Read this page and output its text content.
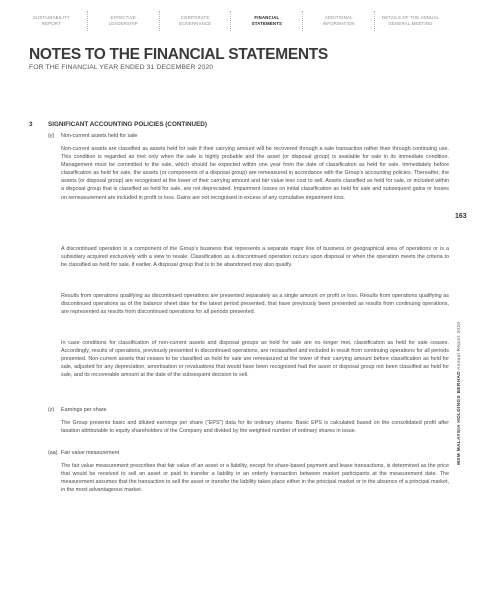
SUSTAINABILITY
REPORT
EFFECTIVE
LEADERSHIP
CORPORATE
GOVERNANCE
FINANCIAL
STATEMENTS
ADDITIONAL
INFORMATION
DETAILS OF THE ANNUAL
GENERAL MEETING
NOTES TO THE FINANCIAL STATEMENTS

FOR THE FINANCIAL YEAR ENDED 31 DECEMBER 2020

3 SIGNIFICANT ACCOUNTING POLICIES (CONTINUED)
(y) Non-current assets held for sale

Non-current assets are classified as assets held for sale if their carrying amount will be recovered through a sale transaction rather than through continuing use. This condition is regarded as met only when the sale is highly probable and the asset (or disposal group) is available for sale in its immediate condition. Management must be committed to the sale, which should be expected within one year from the date of classification as held for sale. Immediately before classification as held for sale, the assets (or components of a disposal group) are remeasured in accordance with the Group’s accounting policies. Thereafter, the assets (or disposal group) are recognised at the lower of their carrying amount and fair value less cost to sell. Assets classified as held for sale, or included within a disposal group that is classified as held for sale, are not depreciated. Impairment losses on initial classification as held for sale and subsequent gains or losses on remeasurement are included in profit or loss. Gains are not recognised in excess of any cumulative impairment loss.

A discontinued operation is a component of the Group’s business that represents a separate major line of business or geographical area of operations or is a subsidiary acquired exclusively with a view to resale. Classification as a discontinued operation occurs upon disposal or when the operation meets the criteria to be classified as held for sale, if earlier. A disposal group that is to be abandoned may also qualify.

Results from operations qualifying as discontinued operations are presented separately as a single amount on profit or loss. Results from operations qualifying as discontinued operations as of the balance sheet date for the latest period presented, that have previously been presented as results from continuing operations, are represented as results from discontinued operations for all periods presented.

In case conditions for classification of non-current assets and disposal groups as held for sale are no longer met, classification as held for sale ceases. Accordingly, results of operations, previously presented in discontinued operations, are reclassified and included in result from continuing operations for all periods presented. Non-current assets that ceases to be classified as held for sale are remeasured at the lower of their carrying amount before classification as held for sale, adjusted for any depreciation, amortisation or revaluations that would have been recognised had the asset or disposal group not been classified as held for sale, and its recoverable amount at the date of the subsequent decision to sell.

(z) Earnings per share

The Group presents basic and diluted earnings per share (“EPS”) data for its ordinary shares. Basic EPS is calculated based on the consolidated profit after taxation attributable to equity shareholders of the Company and divided by the weighted number of ordinary shares in issue.

(aa) Fair value measurement

The fair value measurement prescribes that fair value of an asset or a liability, except for share-based payment and lease transactions, is determined as the price that would be received to sell an asset or paid to transfer a liability in an orderly transaction between market participants at the measurement date. The measurement assumes that the transaction to sell the asset or transfer the liability takes place either in the principal market or in the absence of a principal market, in the most advantageous market.

163
MSM MALAYSIA HOLDINGS BERHAD Annual Report 2020
